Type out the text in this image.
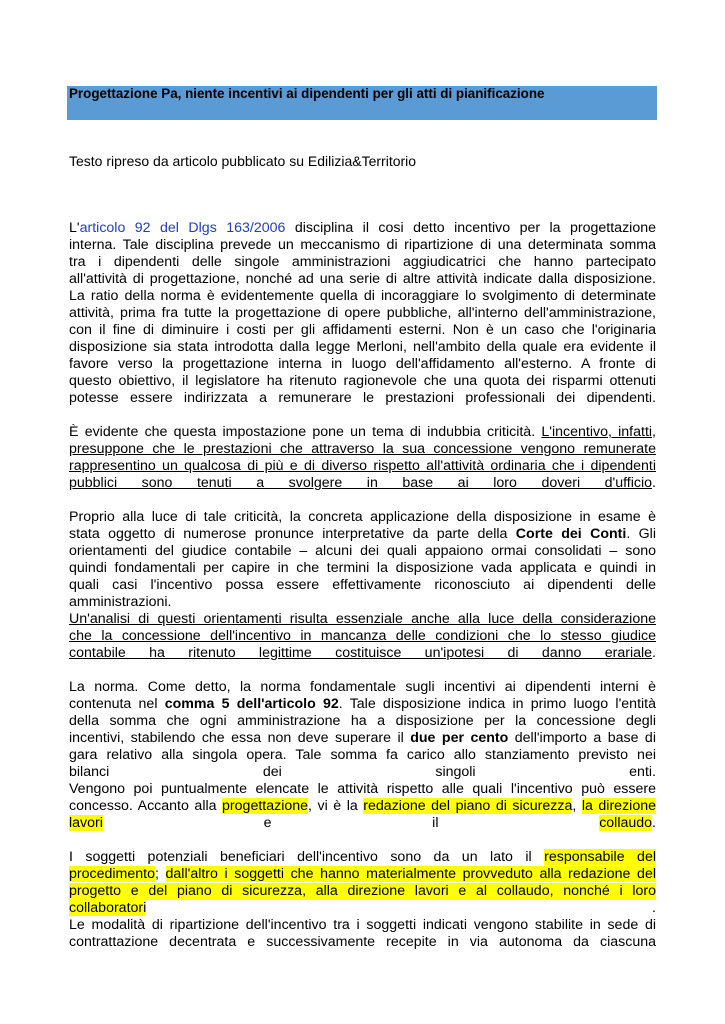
Progettazione Pa, niente incentivi ai dipendenti per gli atti di pianificazione
Testo ripreso da articolo pubblicato su Edilizia&Territorio
L'articolo 92 del Dlgs 163/2006 disciplina il cosi detto incentivo per la progettazione
interna. Tale disciplina prevede un meccanismo di ripartizione di una determinata somma
tra i dipendenti delle singole amministrazioni aggiudicatrici che hanno partecipato
all'attività di progettazione, nonché ad una serie di altre attività indicate dalla disposizione.
La ratio della norma è evidentemente quella di incoraggiare lo svolgimento di determinate
attività, prima fra tutte la progettazione di opere pubbliche, all'interno dell'amministrazione,
con il fine di diminuire i costi per gli affidamenti esterni. Non è un caso che l'originaria
disposizione sia stata introdotta dalla legge Merloni, nell'ambito della quale era evidente il
favore verso la progettazione interna in luogo dell'affidamento all'esterno. A fronte di
questo obiettivo, il legislatore ha ritenuto ragionevole che una quota dei risparmi ottenuti
potesse essere indirizzata a remunerare le prestazioni professionali dei dipendenti.
È evidente che questa impostazione pone un tema di indubbia criticità. L'incentivo, infatti,
presuppone che le prestazioni che attraverso la sua concessione vengono remunerate
rappresentino un qualcosa di più e di diverso rispetto all'attività ordinaria che i dipendenti
pubblici sono tenuti a svolgere in base ai loro doveri d'ufficio.
Proprio alla luce di tale criticità, la concreta applicazione della disposizione in esame è
stata oggetto di numerose pronunce interpretative da parte della Corte dei Conti. Gli
orientamenti del giudice contabile – alcuni dei quali appaiono ormai consolidati – sono
quindi fondamentali per capire in che termini la disposizione vada applicata e quindi in
quali casi l'incentivo possa essere effettivamente riconosciuto ai dipendenti delle
amministrazioni.
Un'analisi di questi orientamenti risulta essenziale anche alla luce della considerazione
che la concessione dell'incentivo in mancanza delle condizioni che lo stesso giudice
contabile ha ritenuto legittime costituisce un'ipotesi di danno erariale.
La norma. Come detto, la norma fondamentale sugli incentivi ai dipendenti interni è
contenuta nel comma 5 dell'articolo 92. Tale disposizione indica in primo luogo l'entità
della somma che ogni amministrazione ha a disposizione per la concessione degli
incentivi, stabilendo che essa non deve superare il due per cento dell'importo a base di
gara relativo alla singola opera. Tale somma fa carico allo stanziamento previsto nei
bilanci dei singoli enti.
Vengono poi puntualmente elencate le attività rispetto alle quali l'incentivo può essere
concesso. Accanto alla progettazione, vi è la redazione del piano di sicurezza, la direzione
lavori e il collaudo.
I soggetti potenziali beneficiari dell'incentivo sono da un lato il responsabile del
procedimento; dall'altro i soggetti che hanno materialmente provveduto alla redazione del
progetto e del piano di sicurezza, alla direzione lavori e al collaudo, nonché i loro
collaboratori	.
Le modalità di ripartizione dell'incentivo tra i soggetti indicati vengono stabilite in sede di
contrattazione decentrata e successivamente recepite in via autonoma da ciascuna
